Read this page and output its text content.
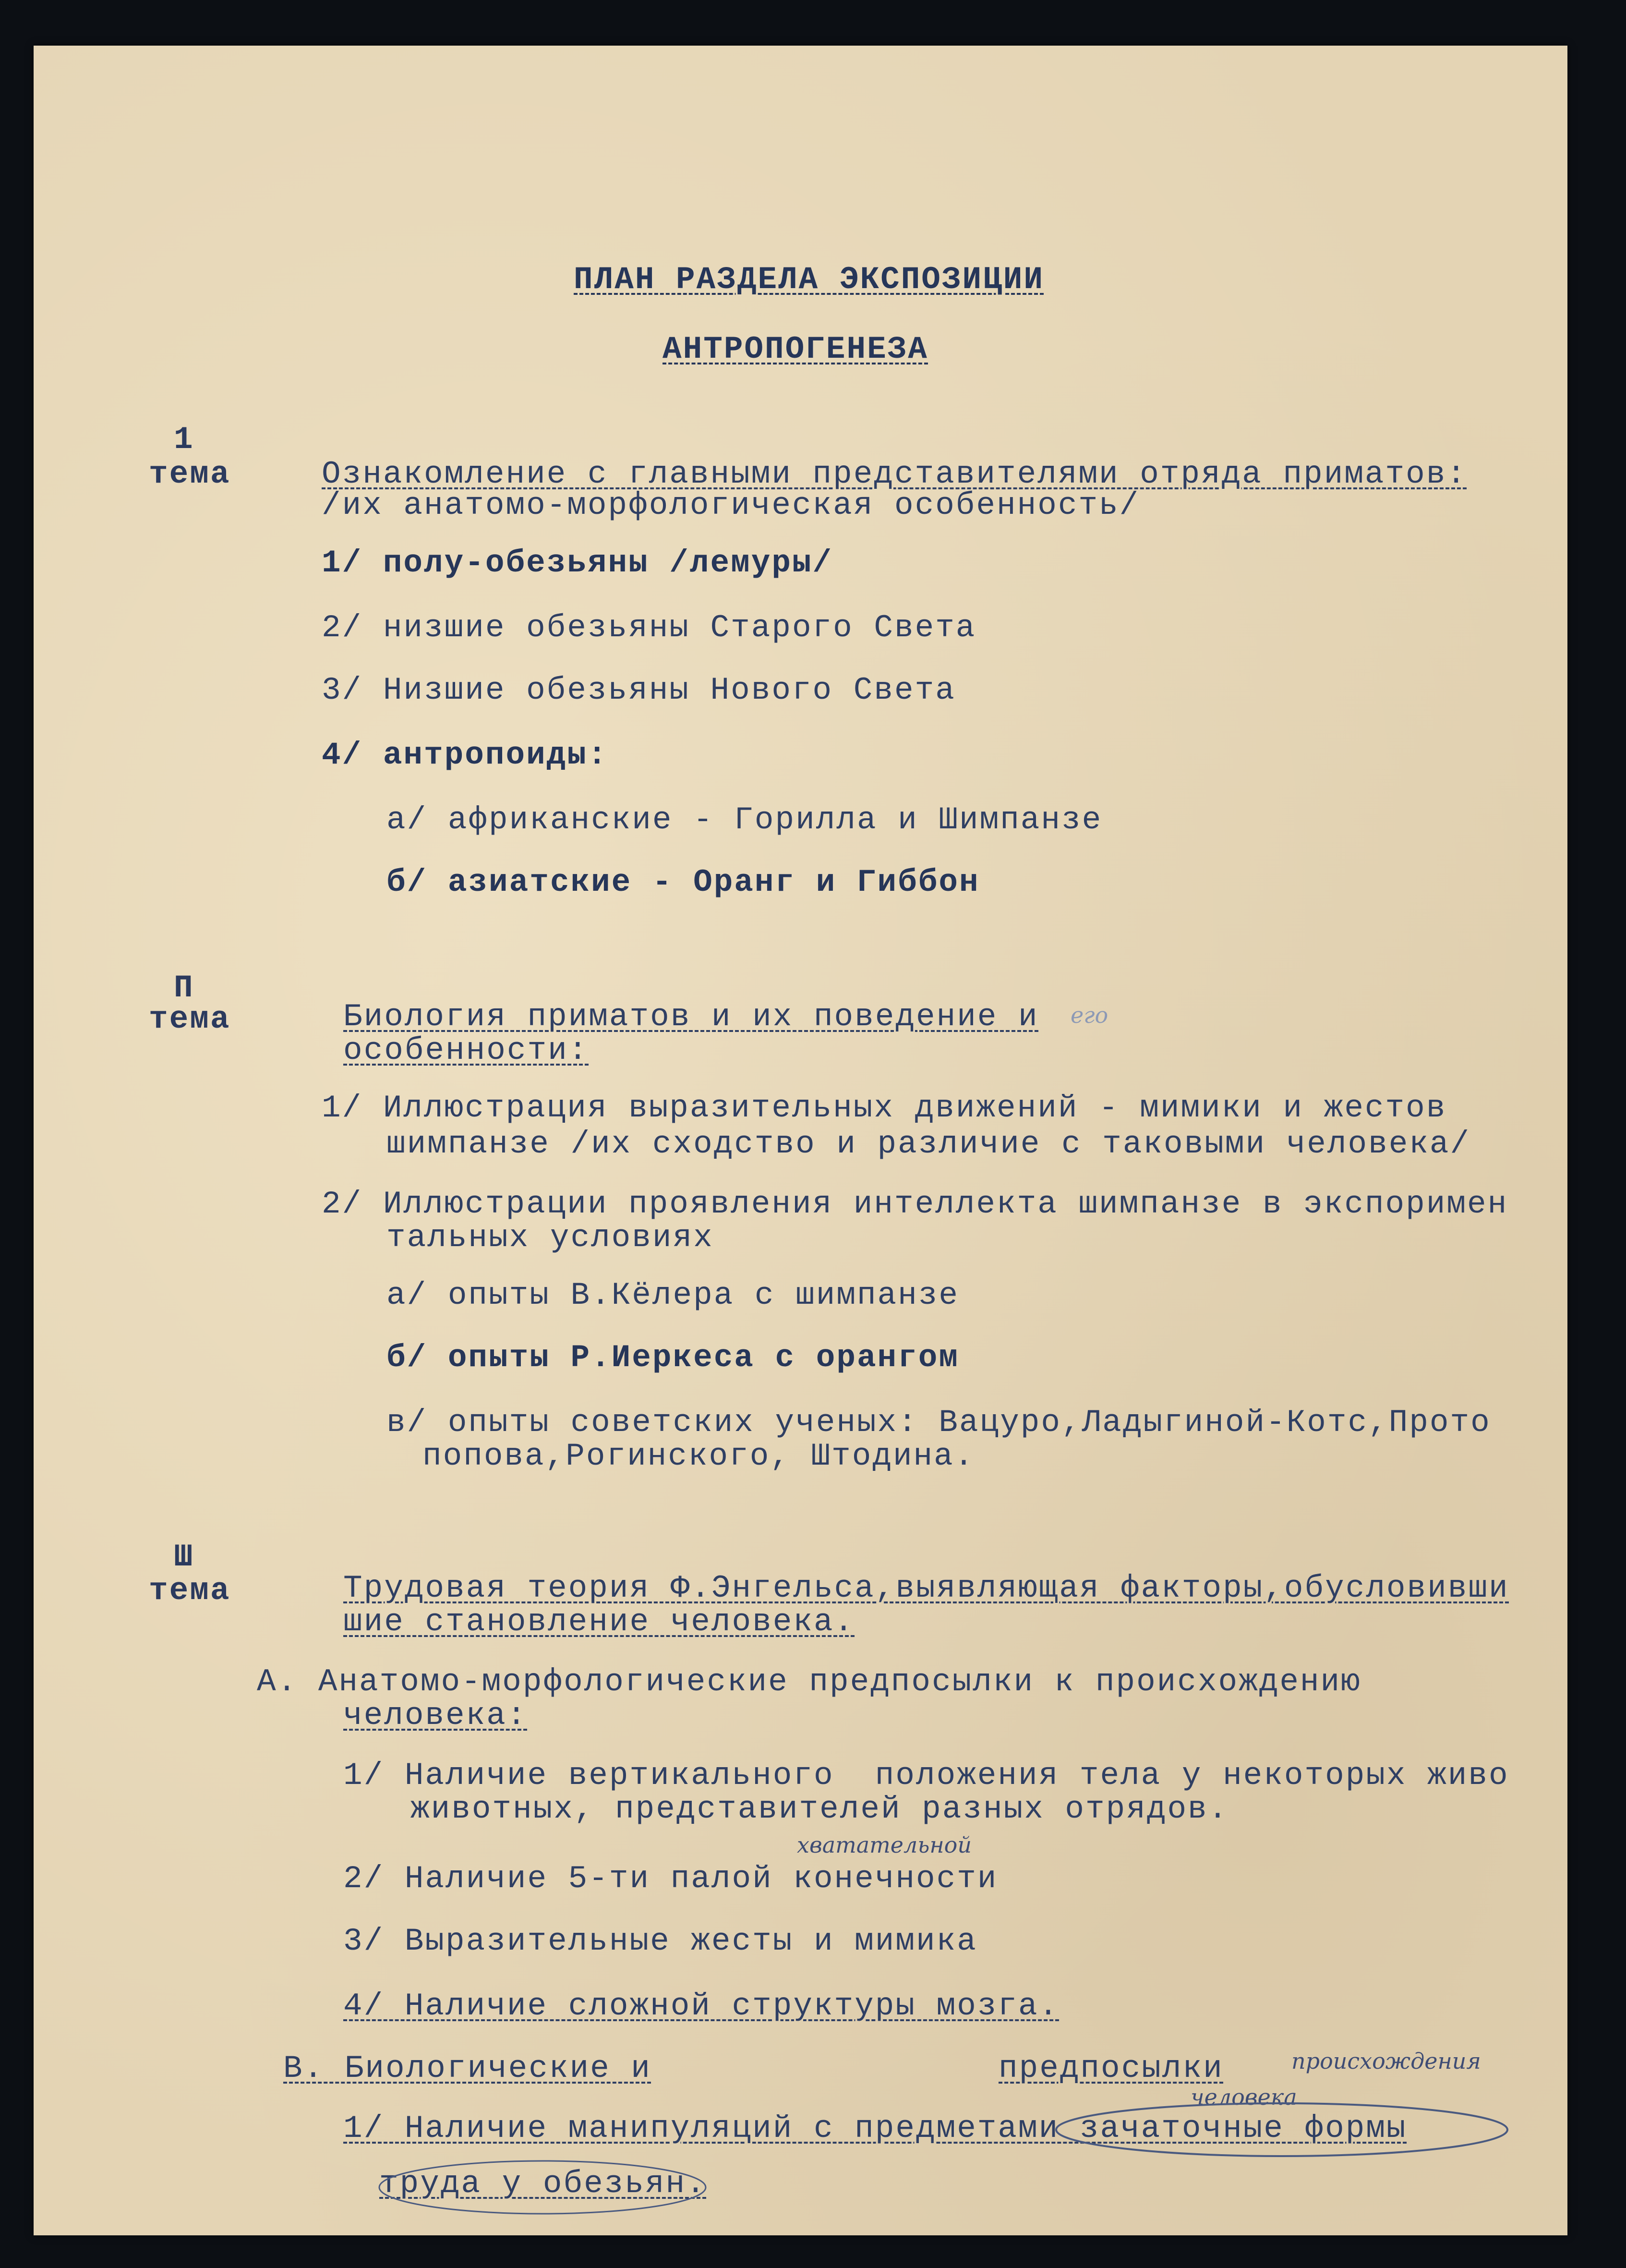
ПЛАН РАЗДЕЛА ЭКСПОЗИЦИИ
АНТРОПОГЕНЕЗА
1
тема	Ознакомление с главными представителями отряда приматов:
/их анатомо-морфологическая особенность/
1/ полу-обезьяны /лемуры/
2/ низшие обезьяны Старого Света
3/ Низшие обезьяны Нового Света
4/ антропоиды:
а/ африканские - Горилла и Шимпанзе
б/ азиатские - Оранг и Гиббон
П
тема	Биология приматов и их поведение и его
особенности:
1/ Иллюстрация выразительных движений - мимики и жестов
шимпанзе /их сходство и различие с таковыми человека/
2/ Иллюстрации проявления интеллекта шимпанзе в экспоримен
тальных условиях
а/ опыты В.Кёлера с шимпанзе
б/ опыты Р.Иеркеса с орангом
в/ опыты советских ученых: Вацуро,Ладыгиной-Котс,Прото
попова,Рогинского, Штодина.
Ш
тема	Трудовая теория Ф.Энгельса,выявляющая факторы,обусловивши
шие становление человека.
А. Анатомо-морфологические предпосылки к происхождению
человека:
1/ Наличие вертикального  положения тела у некоторых живо
животных, представителей разных отрядов.
хватательной
2/ Наличие 5-ти палой конечности
3/ Выразительные жесты и мимика
4/ Наличие сложной структуры мозга.
В. Биологические и	предпосылки	происхождения
человека
1/ Наличие манипуляций с предметами зачаточные формы
труда у обезьян.
